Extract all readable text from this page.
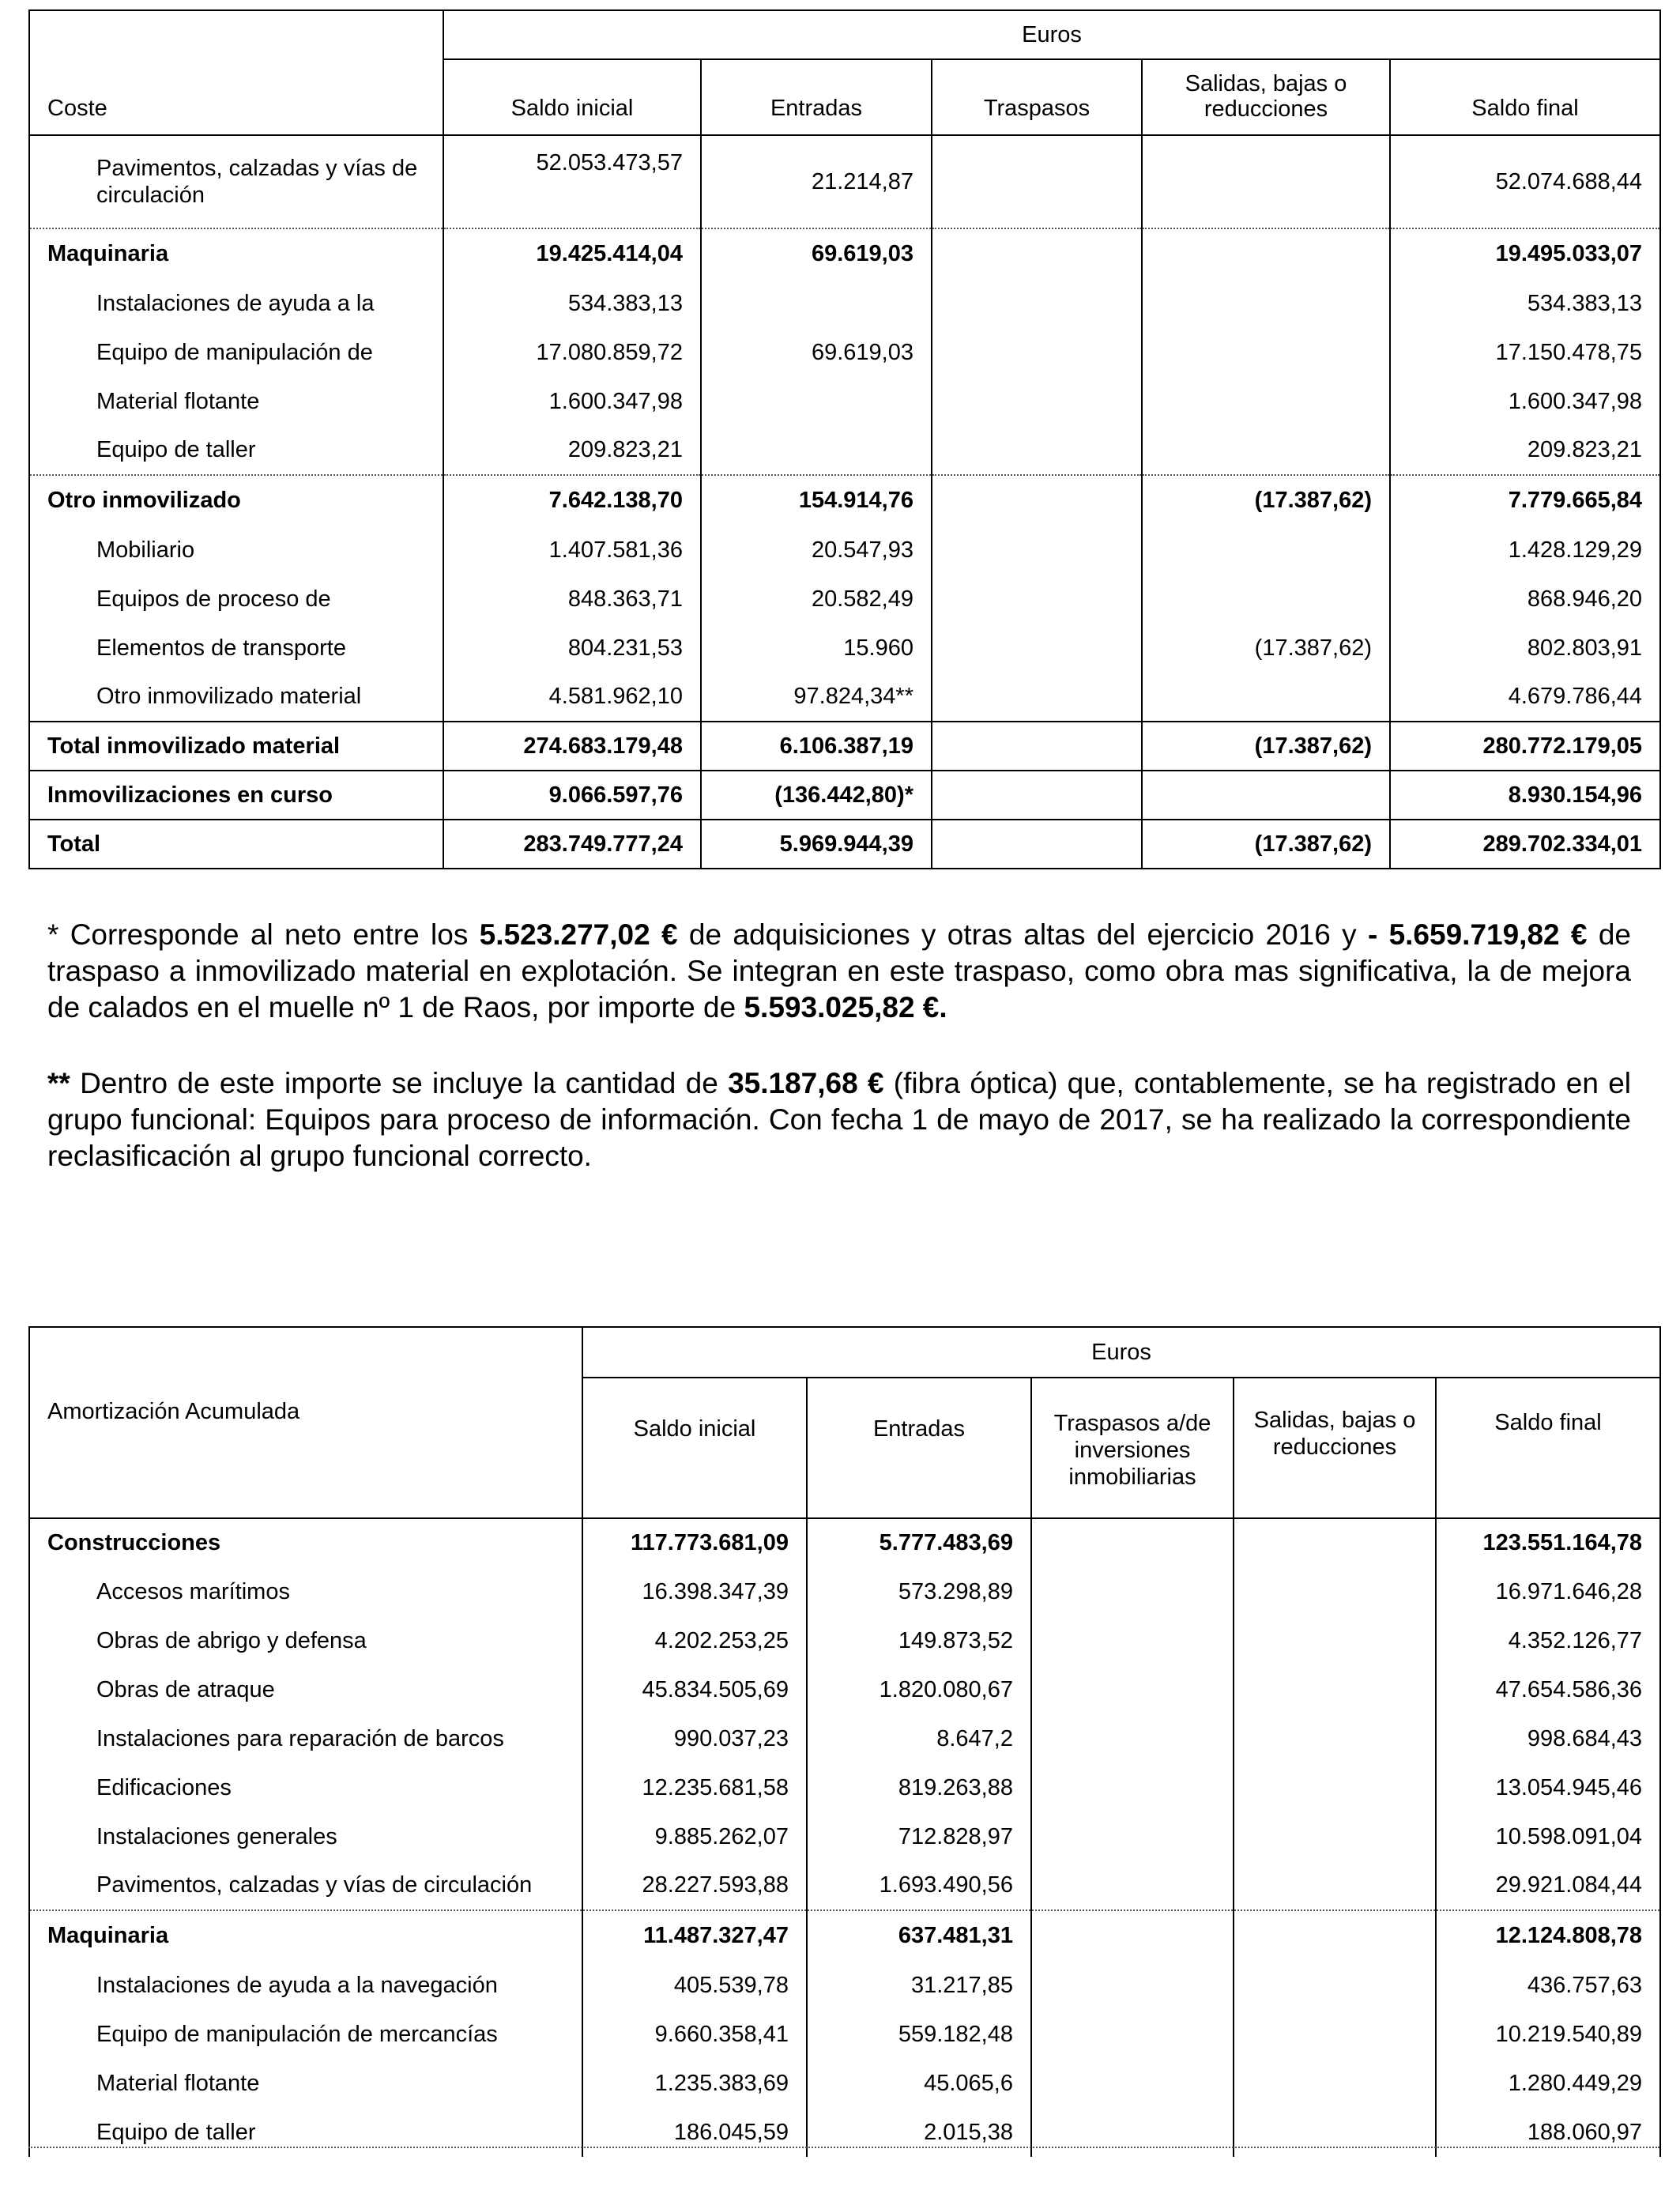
Coste	Euros				
	Saldo inicial	Entradas	Traspasos	Salidas, bajas o reducciones	Saldo final
Pavimentos, calzadas y vías de circulación	52.053.473,57	21.214,87			52.074.688,44
Maquinaria	19.425.414,04	69.619,03			19.495.033,07
Instalaciones de ayuda a la	534.383,13				534.383,13
Equipo de manipulación de	17.080.859,72	69.619,03			17.150.478,75
Material flotante	1.600.347,98				1.600.347,98
Equipo de taller	209.823,21				209.823,21
Otro inmovilizado	7.642.138,70	154.914,76		(17.387,62)	7.779.665,84
Mobiliario	1.407.581,36	20.547,93			1.428.129,29
Equipos de proceso de	848.363,71	20.582,49			868.946,20
Elementos de transporte	804.231,53	15.960		(17.387,62)	802.803,91
Otro inmovilizado material	4.581.962,10	97.824,34**			4.679.786,44
Total inmovilizado material	274.683.179,48	6.106.387,19		(17.387,62)	280.772.179,05
Inmovilizaciones en curso	9.066.597,76	(136.442,80)*			8.930.154,96
Total	283.749.777,24	5.969.944,39		(17.387,62)	289.702.334,01

* Corresponde al neto entre los 5.523.277,02 € de adquisiciones y otras altas del ejercicio 2016 y - 5.659.719,82 € de traspaso a inmovilizado material en explotación. Se integran en este traspaso, como obra mas significativa, la de mejora de calados en el muelle nº 1 de Raos, por importe de 5.593.025,82 €.

** Dentro de este importe se incluye la cantidad de 35.187,68 € (fibra óptica) que, contablemente, se ha registrado en el grupo funcional: Equipos para proceso de información. Con fecha 1 de mayo de 2017, se ha realizado la correspondiente reclasificación al grupo funcional correcto.

Amortización Acumulada	Euros				
	Saldo inicial	Entradas	Traspasos a/de inversiones inmobiliarias	Salidas, bajas o reducciones	Saldo final
Construcciones	117.773.681,09	5.777.483,69			123.551.164,78
Accesos marítimos	16.398.347,39	573.298,89			16.971.646,28
Obras de abrigo y defensa	4.202.253,25	149.873,52			4.352.126,77
Obras de atraque	45.834.505,69	1.820.080,67			47.654.586,36
Instalaciones para reparación de barcos	990.037,23	8.647,2			998.684,43
Edificaciones	12.235.681,58	819.263,88			13.054.945,46
Instalaciones generales	9.885.262,07	712.828,97			10.598.091,04
Pavimentos, calzadas y vías de circulación	28.227.593,88	1.693.490,56			29.921.084,44
Maquinaria	11.487.327,47	637.481,31			12.124.808,78
Instalaciones de ayuda a la navegación	405.539,78	31.217,85			436.757,63
Equipo de manipulación de mercancías	9.660.358,41	559.182,48			10.219.540,89
Material flotante	1.235.383,69	45.065,6			1.280.449,29
Equipo de taller	186.045,59	2.015,38			188.060,97
